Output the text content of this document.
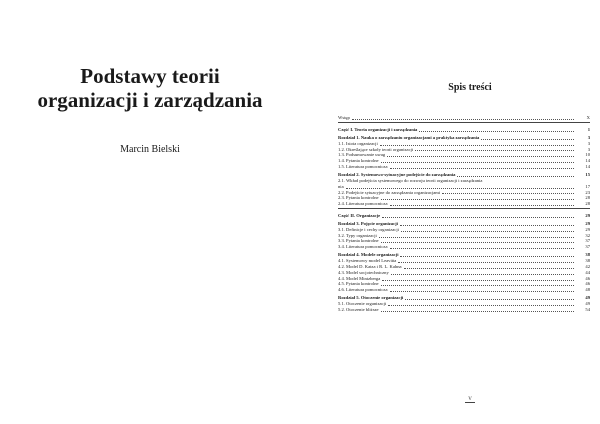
Podstawy teorii
organizacji i zarządzania
Marcin Bielski
Spis treści
Wstęp	X
Część I. Teoria organizacji i zarządzania	1
Rozdział 1. Nauka o zarządzaniu organizacjami a praktyka zarządzania	3
1.1. Istota organizacji	3
1.2. Określające szkoły teorii organizacji	3
1.3. Podsumowanie uwag	10
1.4. Pytania kontrolne	14
1.5. Literatura pomocnicza	14
Rozdział 2. Systemowo-sytuacyjne podejście do zarządzania	15
2.1. Wkład podejścia systemowego do rozwoju teorii organizacji i zarządzania
nia	17
2.2. Podejście sytuacyjne do zarządzania organizacjami	23
2.3. Pytania kontrolne	28
2.4. Literatura pomocnicza	28
Część II. Organizacje	29
Rozdział 3. Pojęcie organizacji	29
3.1. Definicje i cechy organizacji	29
3.2. Typy organizacji	32
3.3. Pytania kontrolne	37
3.4. Literatura pomocnicza	37
Rozdział 4. Modele organizacji	38
4.1. Systemowy model Leavitta	38
4.2. Model D. Katza i R. L. Kahna	42
4.3. Model socjotechniczny	44
4.4. Model Mintzberga	46
4.5. Pytania kontrolne	46
4.6. Literatura pomocnicza	48
Rozdział 5. Otoczenie organizacji	49
5.1. Otoczenie organizacji	49
5.2. Otoczenie bliższe	54
V
